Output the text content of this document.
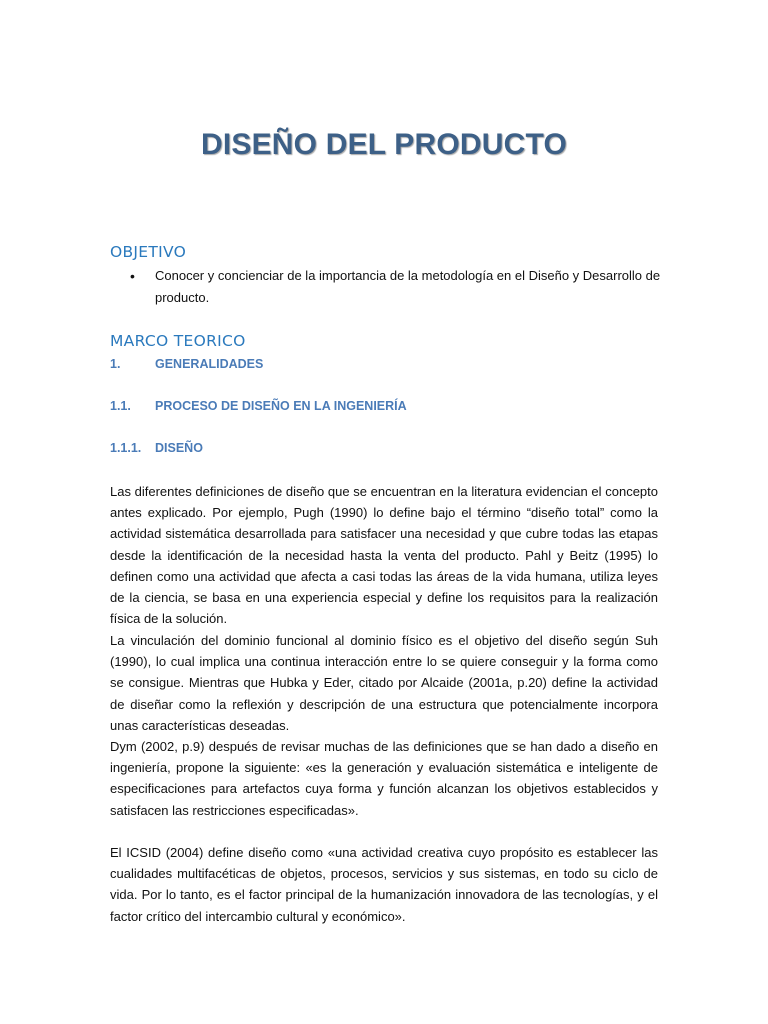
DISEÑO DEL PRODUCTO
OBJETIVO
• Conocer y concienciar de la importancia de la metodología en el Diseño y Desarrollo de producto.
MARCO TEORICO
1.	GENERALIDADES
1.1. PROCESO DE DISEÑO EN LA INGENIERÍA
1.1.1. DISEÑO

Las diferentes definiciones de diseño que se encuentran en la literatura evidencian el concepto antes explicado. Por ejemplo, Pugh (1990) lo define bajo el término “diseño total” como la actividad sistemática desarrollada para satisfacer una necesidad y que cubre todas las etapas desde la identificación de la necesidad hasta la venta del producto. Pahl y Beitz (1995) lo definen como una actividad que afecta a casi todas las áreas de la vida humana, utiliza leyes de la ciencia, se basa en una experiencia especial y define los requisitos para la realización física de la solución.

La vinculación del dominio funcional al dominio físico es el objetivo del diseño según Suh (1990), lo cual implica una continua interacción entre lo se quiere conseguir y la forma como se consigue. Mientras que Hubka y Eder, citado por Alcaide (2001a, p.20) define la actividad de diseñar como la reflexión y descripción de una estructura que potencialmente incorpora unas características deseadas.

Dym (2002, p.9) después de revisar muchas de las definiciones que se han dado a diseño en ingeniería, propone la siguiente: «es la generación y evaluación sistemática e inteligente de especificaciones para artefactos cuya forma y función alcanzan los objetivos establecidos y satisfacen las restricciones especificadas».

El ICSID (2004) define diseño como «una actividad creativa cuyo propósito es establecer las cualidades multifacéticas de objetos, procesos, servicios y sus sistemas, en todo su ciclo de vida. Por lo tanto, es el factor principal de la humanización innovadora de las tecnologías, y el factor crítico del intercambio cultural y económico».
